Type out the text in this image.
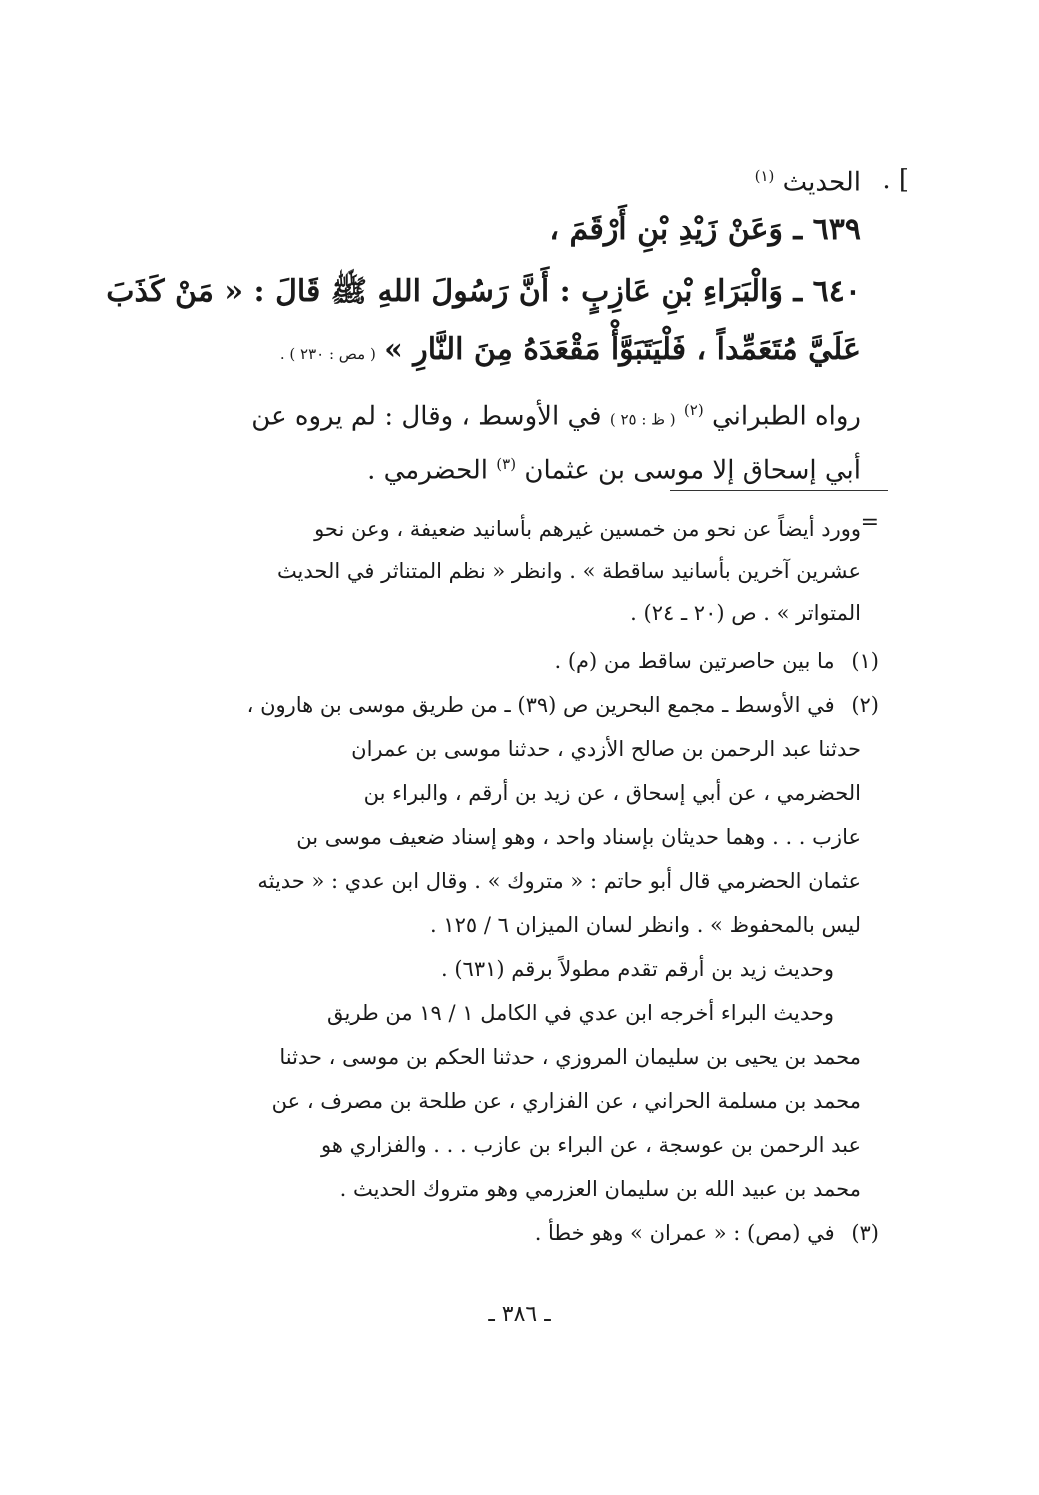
الحديث $^{(١)}$	] .
٦٣٩ ـ وَعَنْ زَيْدِ بْنِ أَرْقَمَ ،
٦٤٠ ـ وَالْبَرَاءِ بْنِ عَازِبٍ : أَنَّ رَسُولَ اللهِ ﷺ قَالَ : « مَنْ كَذَبَ
عَلَيَّ مُتَعَمِّداً ، فَلْيَتَبَوَّأْ مَقْعَدَهُ مِنَ النَّارِ » ( مص : ٢٣٠ ) .
رواه الطبراني $^{(٢)}$ ( ظ : ٢٥ ) في الأوسط ، وقال : لم يروه عن
أبي إسحاق إلا موسى بن عثمان $^{(٣)}$ الحضرمي .
=
وورد أيضاً عن نحو من خمسين غيرهم بأسانيد ضعيفة ، وعن نحو
عشرين آخرين بأسانيد ساقطة » . وانظر « نظم المتناثر في الحديث
المتواتر » . ص (٢٠ ـ ٢٤) .
(١) ما بين حاصرتين ساقط من (م) .
(٢) في الأوسط ـ مجمع البحرين ص (٣٩) ـ من طريق موسى بن هارون ،
حدثنا عبد الرحمن بن صالح الأزدي ، حدثنا موسى بن عمران
الحضرمي ، عن أبي إسحاق ، عن زيد بن أرقم ، والبراء بن
عازب . . . وهما حديثان بإسناد واحد ، وهو إسناد ضعيف موسى بن
عثمان الحضرمي قال أبو حاتم : « متروك » . وقال ابن عدي : « حديثه
ليس بالمحفوظ » . وانظر لسان الميزان ٦ / ١٢٥ .
وحديث زيد بن أرقم تقدم مطولاً برقم (٦٣١) .
وحديث البراء أخرجه ابن عدي في الكامل ١ / ١٩ من طريق
محمد بن يحيى بن سليمان المروزي ، حدثنا الحكم بن موسى ، حدثنا
محمد بن مسلمة الحراني ، عن الفزاري ، عن طلحة بن مصرف ، عن
عبد الرحمن بن عوسجة ، عن البراء بن عازب . . . والفزاري هو
محمد بن عبيد الله بن سليمان العزرمي وهو متروك الحديث .
(٣) في (مص) : « عمران » وهو خطأ .
ـ ٣٨٦ ـ
